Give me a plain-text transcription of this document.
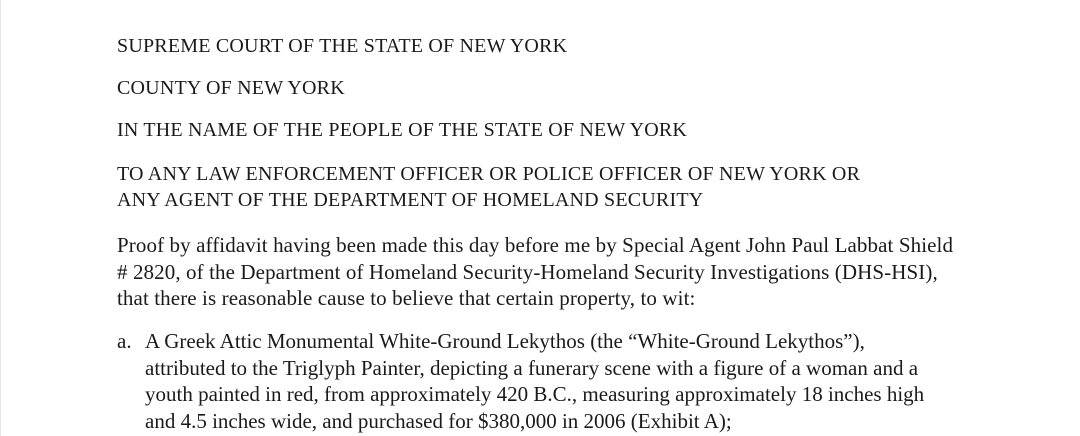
SUPREME COURT OF THE STATE OF NEW YORK
COUNTY OF NEW YORK
IN THE NAME OF THE PEOPLE OF THE STATE OF NEW YORK
TO ANY LAW ENFORCEMENT OFFICER OR POLICE OFFICER OF NEW YORK OR
ANY AGENT OF THE DEPARTMENT OF HOMELAND SECURITY
Proof by affidavit having been made this day before me by Special Agent John Paul Labbat Shield
# 2820, of the Department of Homeland Security-Homeland Security Investigations (DHS-HSI),
that there is reasonable cause to believe that certain property, to wit:
a. A Greek Attic Monumental White-Ground Lekythos (the “White-Ground Lekythos”),
attributed to the Triglyph Painter, depicting a funerary scene with a figure of a woman and a
youth painted in red, from approximately 420 B.C., measuring approximately 18 inches high
and 4.5 inches wide, and purchased for $380,000 in 2006 (Exhibit A);
